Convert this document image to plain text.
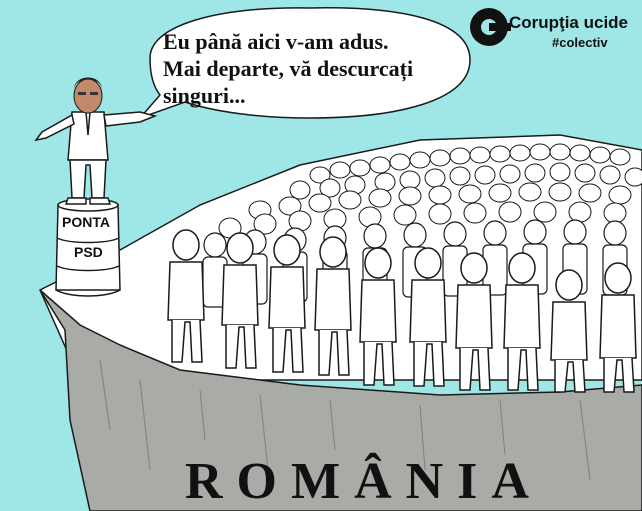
Eu până aici v-am adus.
Mai departe, vă descurcați
singuri...
Corupţia ucide
#colectiv
PONTA
PSD
ROMÂNIA
